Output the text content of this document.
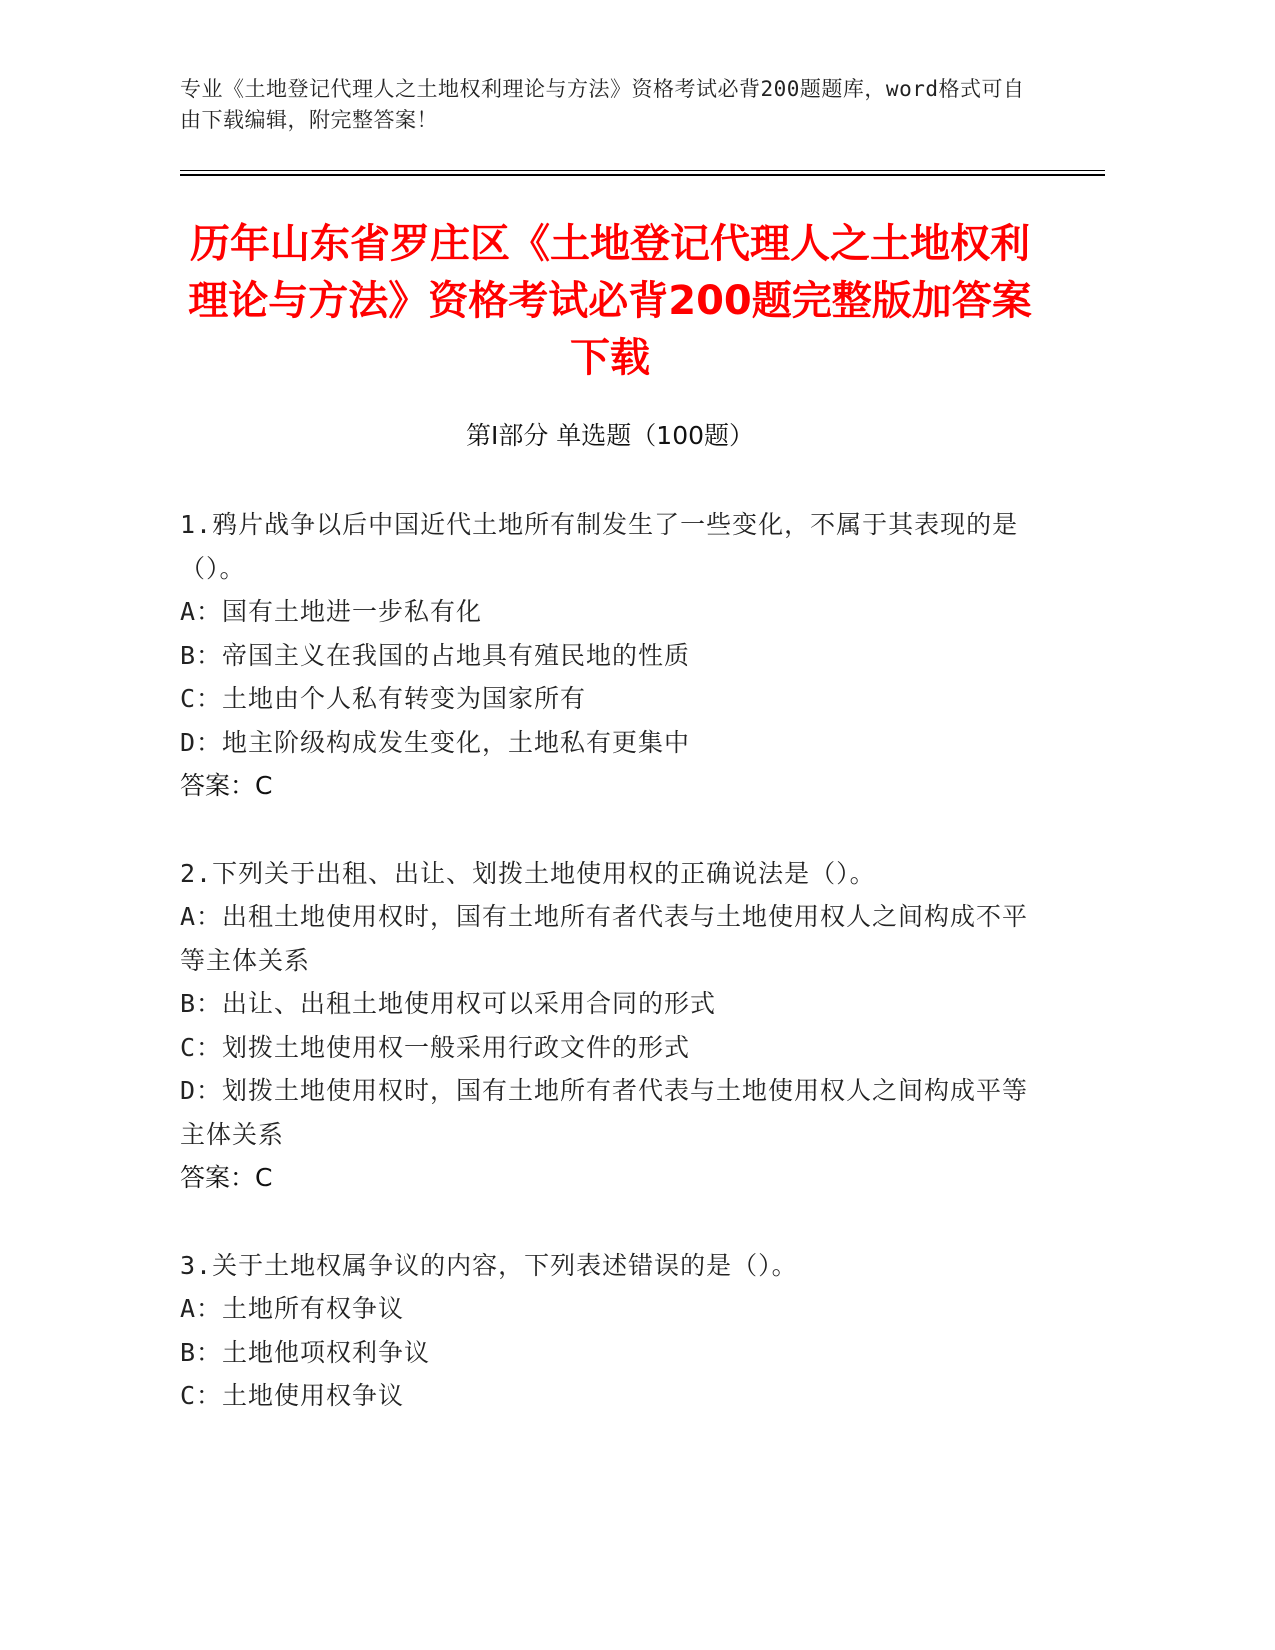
专业《土地登记代理人之土地权利理论与方法》资格考试必背200题题库，word格式可自由下载编辑，附完整答案！
历年山东省罗庄区《土地登记代理人之土地权利理论与方法》资格考试必背200题完整版加答案下载
第Ⅰ部分 单选题（100题）

1.鸦片战争以后中国近代土地所有制发生了一些变化，不属于其表现的是（）。

A：国有土地进一步私有化

B：帝国主义在我国的占地具有殖民地的性质

C：土地由个人私有转变为国家所有

D：地主阶级构成发生变化，土地私有更集中

答案：C

2.下列关于出租、出让、划拨土地使用权的正确说法是（）。

A：出租土地使用权时，国有土地所有者代表与土地使用权人之间构成不平等主体关系

B：出让、出租土地使用权可以采用合同的形式

C：划拨土地使用权一般采用行政文件的形式

D：划拨土地使用权时，国有土地所有者代表与土地使用权人之间构成平等主体关系

答案：C

3.关于土地权属争议的内容，下列表述错误的是（）。

A：土地所有权争议

B：土地他项权利争议

C：土地使用权争议
